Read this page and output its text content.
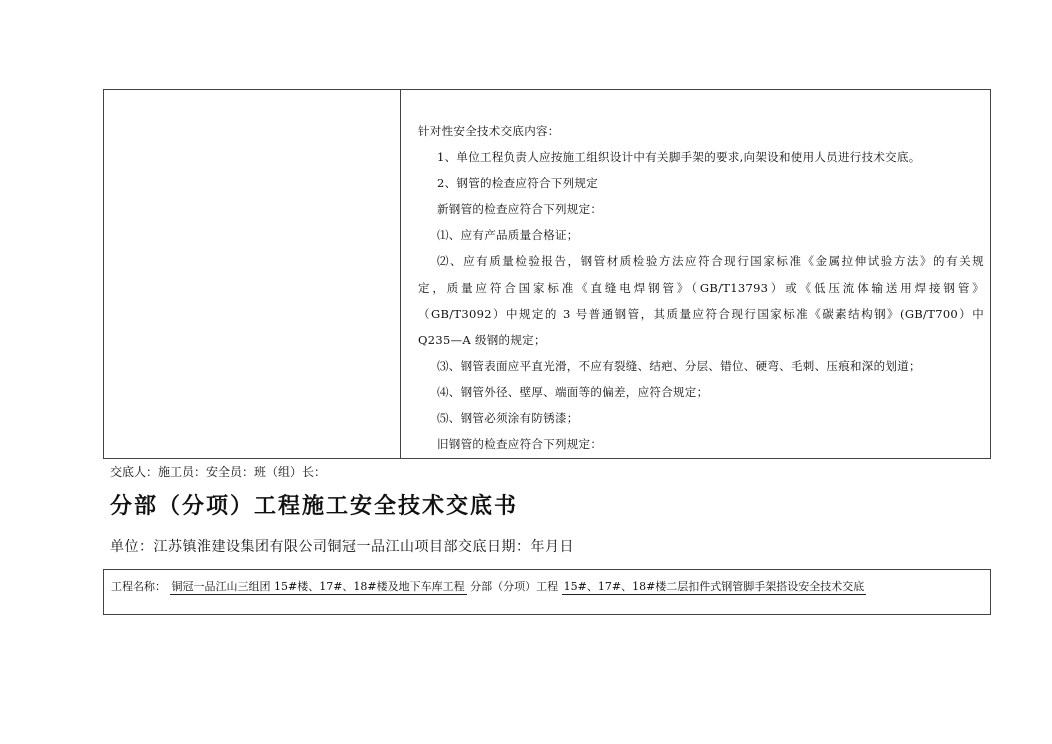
针对性安全技术交底内容：
1、单位工程负责人应按施工组织设计中有关脚手架的要求,向架设和使用人员进行技术交底。
2、钢管的检查应符合下列规定
新钢管的检查应符合下列规定：
⑴、应有产品质量合格证；
⑵、应有质量检验报告，钢管材质检验方法应符合现行国家标准《金属拉伸试验方法》的有关规
定，质量应符合国家标准《直缝电焊钢管》（GB/T13793）或《低压流体输送用焊接钢管》
（GB/T3092）中规定的 3 号普通钢管，其质量应符合现行国家标准《碳素结构钢》(GB/T700）中
Q235—A 级钢的规定；
⑶、钢管表面应平直光滑，不应有裂缝、结疤、分层、错位、硬弯、毛刺、压痕和深的划道；
⑷、钢管外径、壁厚、端面等的偏差，应符合规定；
⑸、钢管必须涂有防锈漆；
旧钢管的检查应符合下列规定：
交底人：施工员：安全员：班（组）长：
分部（分项）工程施工安全技术交底书
单位：江苏镇淮建设集团有限公司铜冠一品江山项目部交底日期：年月日
工程名称： 铜冠一品江山三组团 15#楼、17#、18#楼及地下车库工程 分部（分项）工程 15#、17#、18#楼二层扣件式钢管脚手架搭设安全技术交底
